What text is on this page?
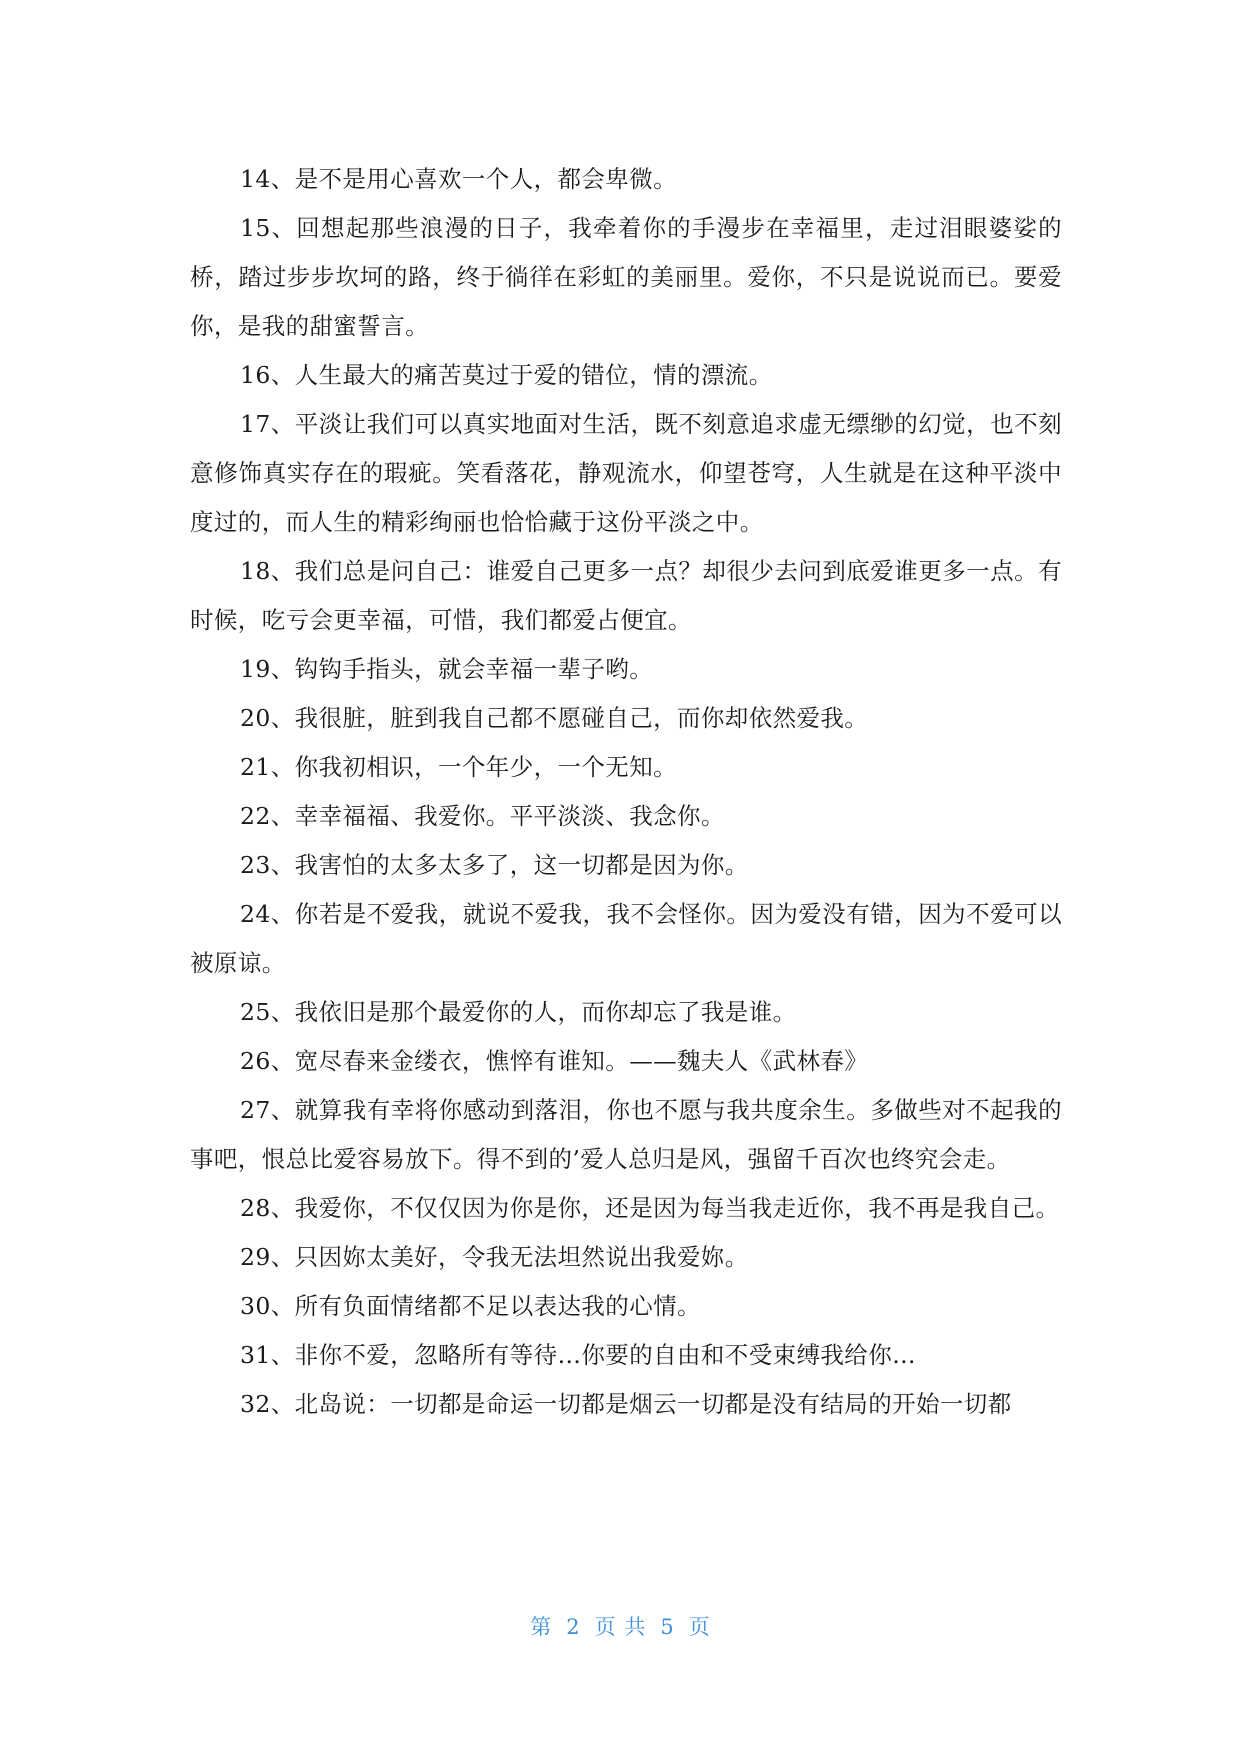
14、是不是用心喜欢一个人，都会卑微。

15、回想起那些浪漫的日子，我牵着你的手漫步在幸福里，走过泪眼婆娑的桥，踏过步步坎坷的路，终于徜徉在彩虹的美丽里。爱你，不只是说说而已。要爱你，是我的甜蜜誓言。

16、人生最大的痛苦莫过于爱的错位，情的漂流。

17、平淡让我们可以真实地面对生活，既不刻意追求虚无缥缈的幻觉，也不刻意修饰真实存在的瑕疵。笑看落花，静观流水，仰望苍穹，人生就是在这种平淡中度过的，而人生的精彩绚丽也恰恰藏于这份平淡之中。

18、我们总是问自己：谁爱自己更多一点？却很少去问到底爱谁更多一点。有时候，吃亏会更幸福，可惜，我们都爱占便宜。

19、钩钩手指头，就会幸福一辈子哟。

20、我很脏，脏到我自己都不愿碰自己，而你却依然爱我。

21、你我初相识，一个年少，一个无知。

22、幸幸福福、我爱你。平平淡淡、我念你。

23、我害怕的太多太多了，这一切都是因为你。

24、你若是不爱我，就说不爱我，我不会怪你。因为爱没有错，因为不爱可以被原谅。

25、我依旧是那个最爱你的人，而你却忘了我是谁。

26、宽尽春来金缕衣，憔悴有谁知。——魏夫人《武林春》

27、就算我有幸将你感动到落泪，你也不愿与我共度余生。多做些对不起我的事吧，恨总比爱容易放下。得不到的’爱人总归是风，强留千百次也终究会走。

28、我爱你，不仅仅因为你是你，还是因为每当我走近你，我不再是我自己。

29、只因妳太美好，令我无法坦然说出我爱妳。

30、所有负面情绪都不足以表达我的心情。

31、非你不爱，忽略所有等待…你要的自由和不受束缚我给你…

32、北岛说：一切都是命运一切都是烟云一切都是没有结局的开始一切都

第 2 页 共 5 页
